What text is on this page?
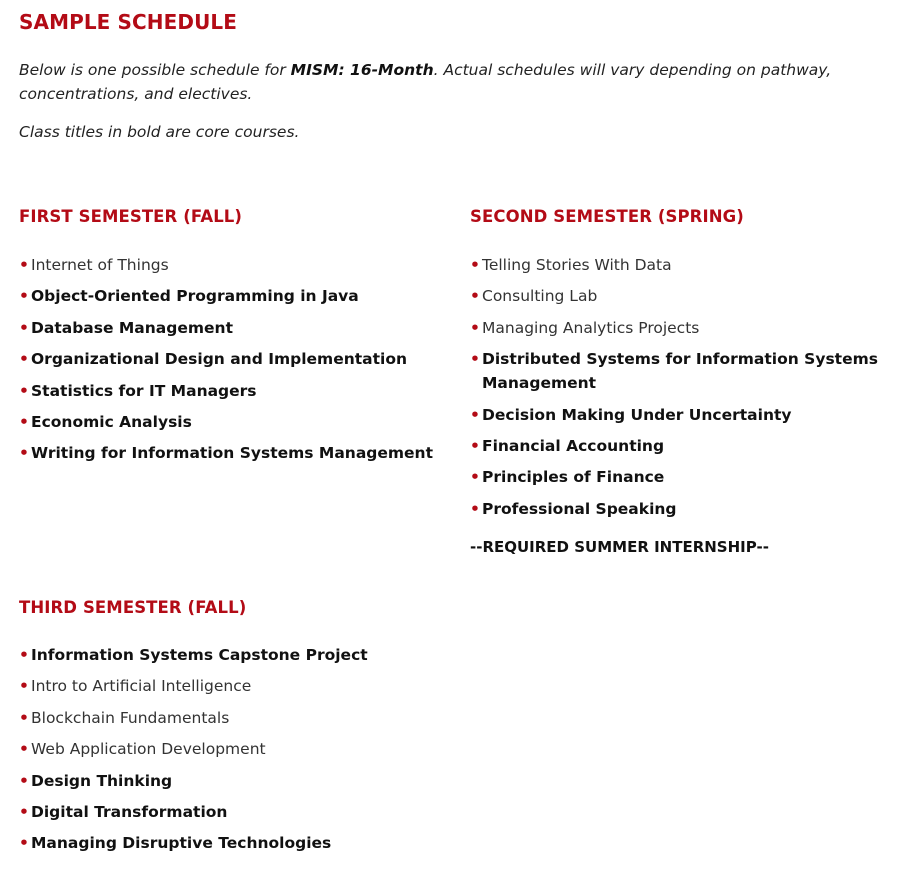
SAMPLE SCHEDULE
Below is one possible schedule for MISM: 16-Month. Actual schedules will vary depending on pathway, concentrations, and electives.
Class titles in bold are core courses.
FIRST SEMESTER (FALL)
• Internet of Things
• Object-Oriented Programming in Java
• Database Management
• Organizational Design and Implementation
• Statistics for IT Managers
• Economic Analysis
• Writing for Information Systems Management
SECOND SEMESTER (SPRING)
• Telling Stories With Data
• Consulting Lab
• Managing Analytics Projects
• Distributed Systems for Information Systems Management
• Decision Making Under Uncertainty
• Financial Accounting
• Principles of Finance
• Professional Speaking
--REQUIRED SUMMER INTERNSHIP--
THIRD SEMESTER (FALL)
• Information Systems Capstone Project
• Intro to Artificial Intelligence
• Blockchain Fundamentals
• Web Application Development
• Design Thinking
• Digital Transformation
• Managing Disruptive Technologies
